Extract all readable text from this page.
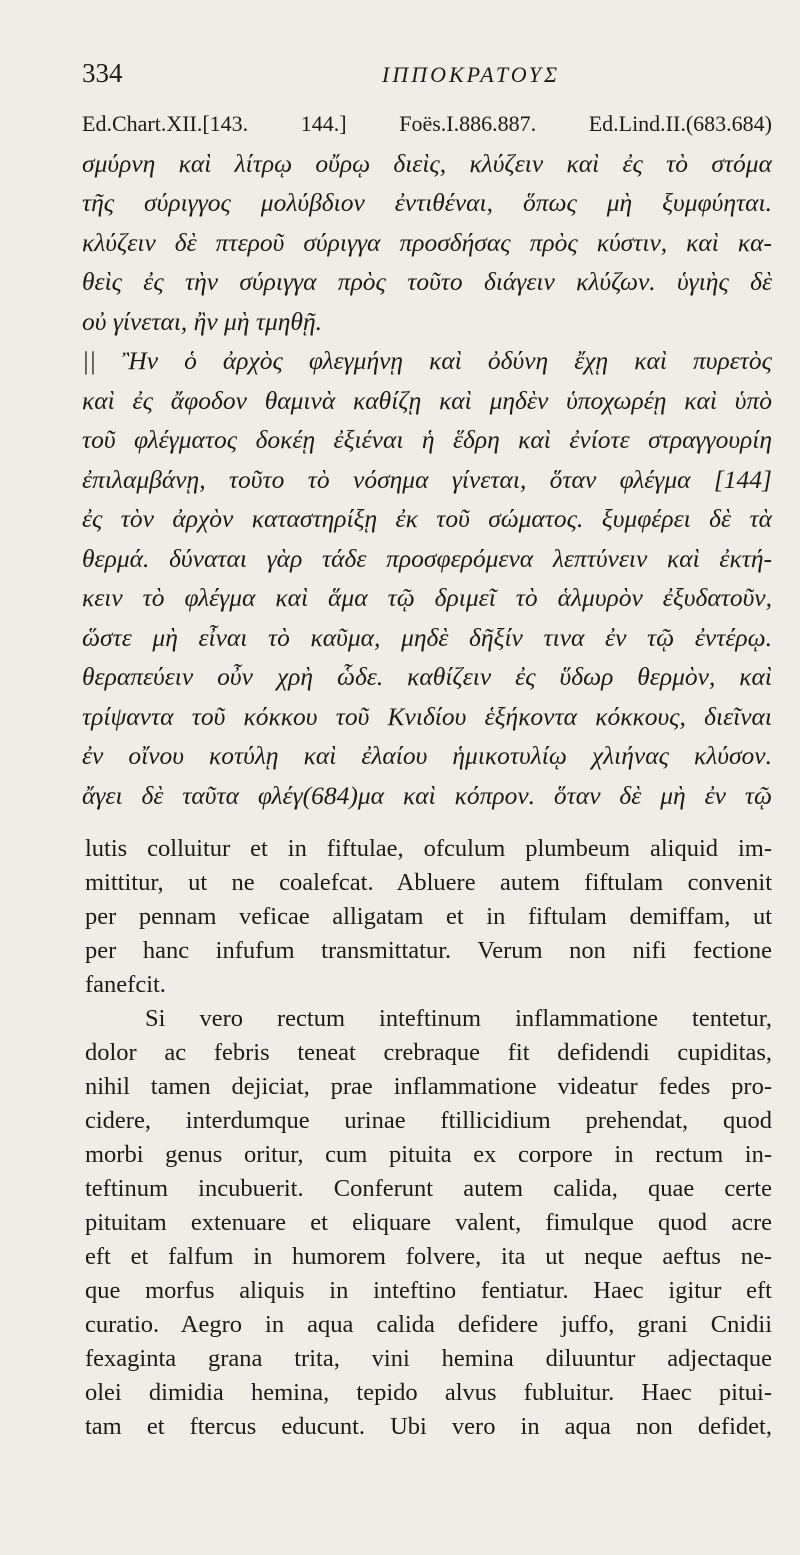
334	ΙΠΠΟΚΡΑΤΟΥΣ
Ed.Chart.XII.[143. 144.] Foës.I.886.887. Ed.Lind.II.(683.684)
σμύρνη καὶ λίτρῳ οὔρῳ διεὶς, κλύζειν καὶ ἐς τὸ στόμα
τῆς σύριγγος μολύβδιον ἐντιθέναι, ὅπως μὴ ξυμφύηται.
κλύζειν δὲ πτεροῦ σύριγγα προσδήσας πρὸς κύστιν, καὶ κα-
θεὶς ἐς τὴν σύριγγα πρὸς τοῦτο διάγειν κλύζων. ὑγιὴς δὲ
οὐ γίνεται, ἢν μὴ τμηθῇ.
|| Ἢν ὁ ἀρχὸς φλεγμήνῃ καὶ ὀδύνη ἔχῃ καὶ πυρετὸς
καὶ ἐς ἄφοδον θαμινὰ καθίζῃ καὶ μηδὲν ὑποχωρέῃ καὶ ὑπὸ
τοῦ φλέγματος δοκέῃ ἐξιέναι ἡ ἕδρη καὶ ἐνίοτε στραγγουρίη
ἐπιλαμβάνῃ, τοῦτο τὸ νόσημα γίνεται, ὅταν φλέγμα [144]
ἐς τὸν ἀρχὸν καταστηρίξῃ ἐκ τοῦ σώματος. ξυμφέρει δὲ τὰ
θερμά. δύναται γὰρ τάδε προσφερόμενα λεπτύνειν καὶ ἐκτή-
κειν τὸ φλέγμα καὶ ἅμα τῷ δριμεῖ τὸ ἁλμυρὸν ἐξυδατοῦν,
ὥστε μὴ εἶναι τὸ καῦμα, μηδὲ δῆξίν τινα ἐν τῷ ἐντέρῳ.
θεραπεύειν οὖν χρὴ ὧδε. καθίζειν ἐς ὕδωρ θερμὸν, καὶ
τρίψαντα τοῦ κόκκου τοῦ Κνιδίου ἑξήκοντα κόκκους, διεῖναι
ἐν οἴνου κοτύλῃ καὶ ἐλαίου ἡμικοτυλίῳ χλιήνας κλύσον.
ἄγει δὲ ταῦτα φλέγ(684)μα καὶ κόπρον. ὅταν δὲ μὴ ἐν τῷ
lutis colluitur et in fiftulae, ofculum plumbeum aliquid im-
mittitur, ut ne coalefcat. Abluere autem fiftulam convenit
per pennam veficae alligatam et in fiftulam demiffam, ut
per hanc infufum transmittatur. Verum non nifi fectione
fanefcit.
Si vero rectum inteftinum inflammatione tentetur,
dolor ac febris teneat crebraque fit defidendi cupiditas,
nihil tamen dejiciat, prae inflammatione videatur fedes pro-
cidere, interdumque urinae ftillicidium prehendat, quod
morbi genus oritur, cum pituita ex corpore in rectum in-
teftinum incubuerit. Conferunt autem calida, quae certe
pituitam extenuare et eliquare valent, fimulque quod acre
eft et falfum in humorem folvere, ita ut neque aeftus ne-
que morfus aliquis in inteftino fentiatur. Haec igitur eft
curatio. Aegro in aqua calida defidere juffo, grani Cnidii
fexaginta grana trita, vini hemina diluuntur adjectaque
olei dimidia hemina, tepido alvus fubluitur. Haec pitui-
tam et ftercus educunt. Ubi vero in aqua non defidet,
